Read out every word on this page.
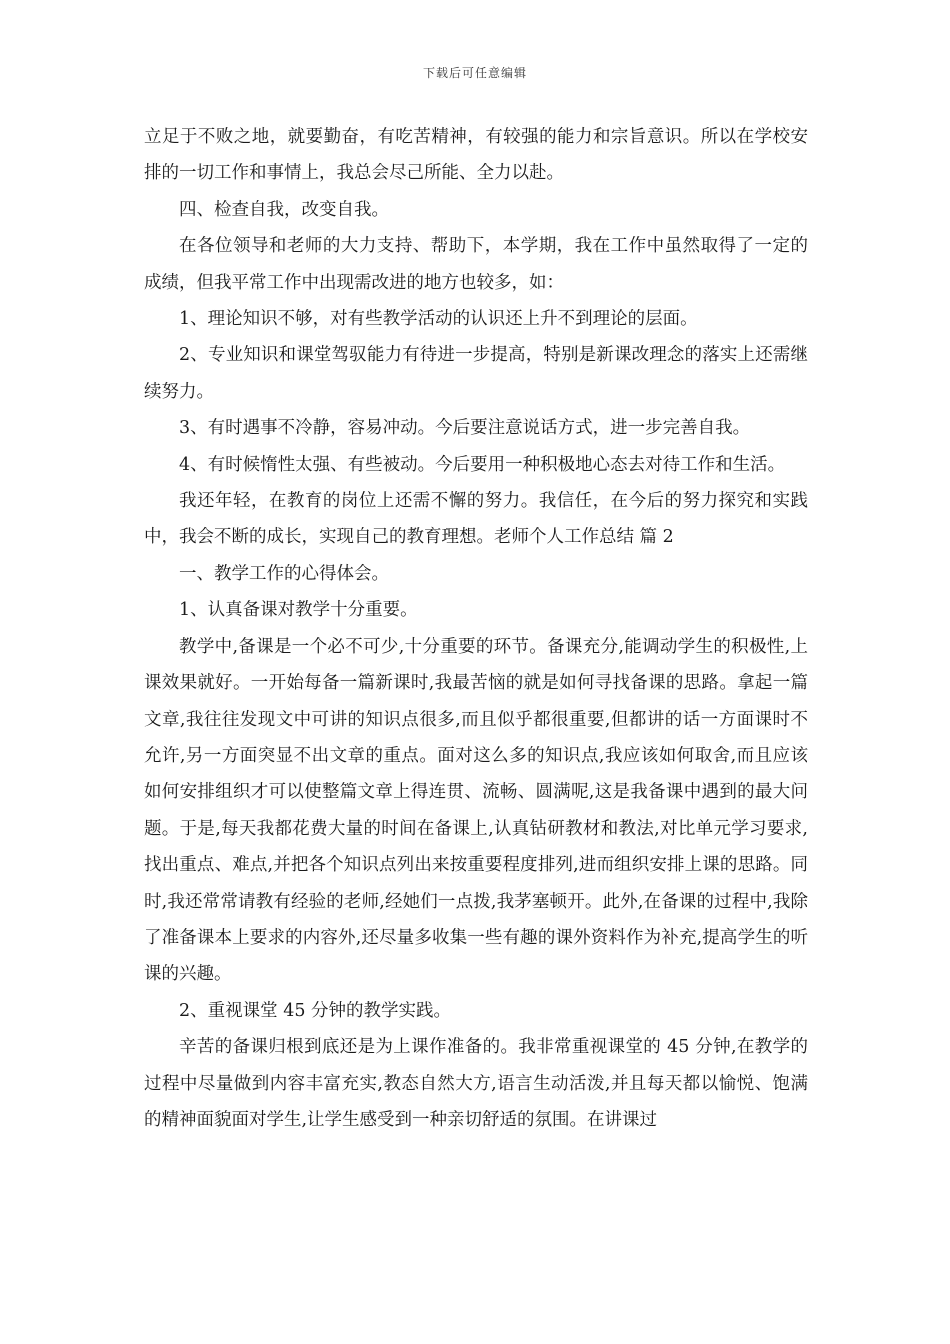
下载后可任意编辑

立足于不败之地，就要勤奋，有吃苦精神，有较强的能力和宗旨意识。所以在学校安排的一切工作和事情上，我总会尽己所能、全力以赴。

四、检查自我，改变自我。

在各位领导和老师的大力支持、帮助下，本学期，我在工作中虽然取得了一定的成绩，但我平常工作中出现需改进的地方也较多，如：

1、理论知识不够，对有些教学活动的认识还上升不到理论的层面。

2、专业知识和课堂驾驭能力有待进一步提高，特别是新课改理念的落实上还需继续努力。

3、有时遇事不冷静，容易冲动。今后要注意说话方式，进一步完善自我。

4、有时候惰性太强、有些被动。今后要用一种积极地心态去对待工作和生活。

我还年轻，在教育的岗位上还需不懈的努力。我信任，在今后的努力探究和实践中，我会不断的成长，实现自己的教育理想。老师个人工作总结 篇 2

一、教学工作的心得体会。

1、认真备课对教学十分重要。

教学中,备课是一个必不可少,十分重要的环节。备课充分,能调动学生的积极性,上课效果就好。一开始每备一篇新课时,我最苦恼的就是如何寻找备课的思路。拿起一篇文章,我往往发现文中可讲的知识点很多,而且似乎都很重要,但都讲的话一方面课时不允许,另一方面突显不出文章的重点。面对这么多的知识点,我应该如何取舍,而且应该如何安排组织才可以使整篇文章上得连贯、流畅、圆满呢,这是我备课中遇到的最大问题。于是,每天我都花费大量的时间在备课上,认真钻研教材和教法,对比单元学习要求,找出重点、难点,并把各个知识点列出来按重要程度排列,进而组织安排上课的思路。同时,我还常常请教有经验的老师,经她们一点拨,我茅塞顿开。此外,在备课的过程中,我除了准备课本上要求的内容外,还尽量多收集一些有趣的课外资料作为补充,提高学生的听课的兴趣。

2、重视课堂 45 分钟的教学实践。

辛苦的备课归根到底还是为上课作准备的。我非常重视课堂的 45 分钟,在教学的过程中尽量做到内容丰富充实,教态自然大方,语言生动活泼,并且每天都以愉悦、饱满的精神面貌面对学生,让学生感受到一种亲切舒适的氛围。在讲课过
